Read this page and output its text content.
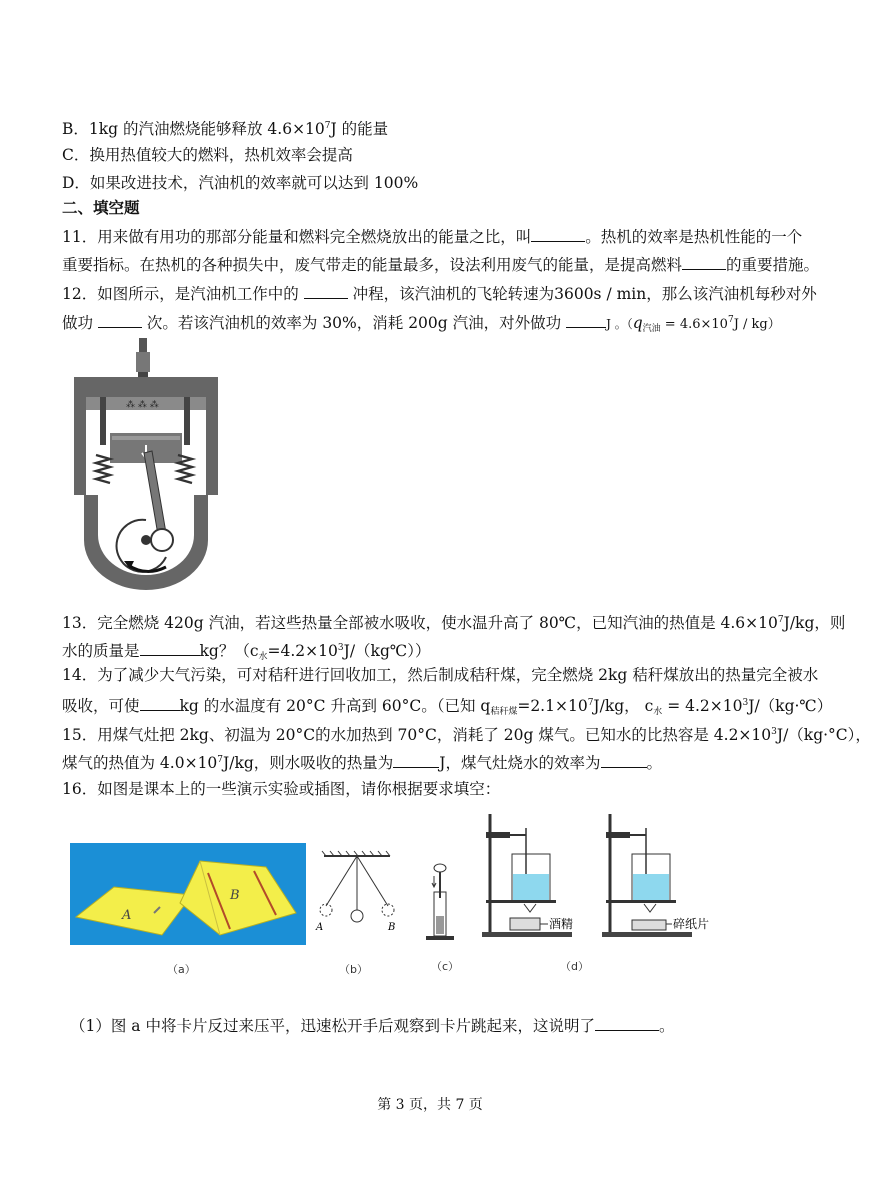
B．1kg 的汽油燃烧能够释放 $4.6\times 10^7J$ 的能量
C．换用热值较大的燃料，热机效率会提高
D．如果改进技术，汽油机的效率就可以达到 100%
二、填空题
11．用来做有用功的那部分能量和燃料完全燃烧放出的能量之比，叫	。热机的效率是热机性能的一个
重要指标。在热机的各种损失中，废气带走的能量最多，设法利用废气的能量，是提高燃料	的重要措施。
12．如图所示，是汽油机工作中的	冲程，该汽油机的飞轮转速为3600s / min，那么该汽油机每秒对外
做功	次。若该汽油机的效率为 30%，消耗 200g 汽油，对外做功	J 。$(q_{汽油} = 4.6\times 10^7J / kg)$
⁂ ⁂ ⁂
13．完全燃烧 420g 汽油，若这些热量全部被水吸收，使水温升高了 80℃，已知汽油的热值是 $4.6\times 10^7J/kg$，则
水的质量是	kg？$(c_水=4.2\times 10^3J/(kg℃))$
14．为了减少大气污染，可对秸秆进行回收加工，然后制成秸秆煤，完全燃烧 2kg 秸秆煤放出的热量完全被水
吸收，可使	kg 的水温度有 20°C 升高到 60°C。（已知 $q_{秸秆煤}=2.1\times 10^7J/kg$， $c_水$ = $4.2\times 10^3J/(kg\cdot℃)$
15．用煤气灶把 2kg、初温为 20°C的水加热到 70°C，消耗了 20g 煤气。已知水的比热容是 $4.2\times 10^3J/(kg\cdot^\circ C)$，
煤气的热值为 $4.0\times 10^7J/kg$，则水吸收的热量为	J，煤气灶烧水的效率为	。
16．如图是课本上的一些演示实验或插图，请你根据要求填空：
A
B
A	B	酒精	碎纸片
（a）	（b）	（c）	（d）
（1）图 a 中将卡片反过来压平，迅速松开手后观察到卡片跳起来，这说明了	。
第 3 页，共 7 页
